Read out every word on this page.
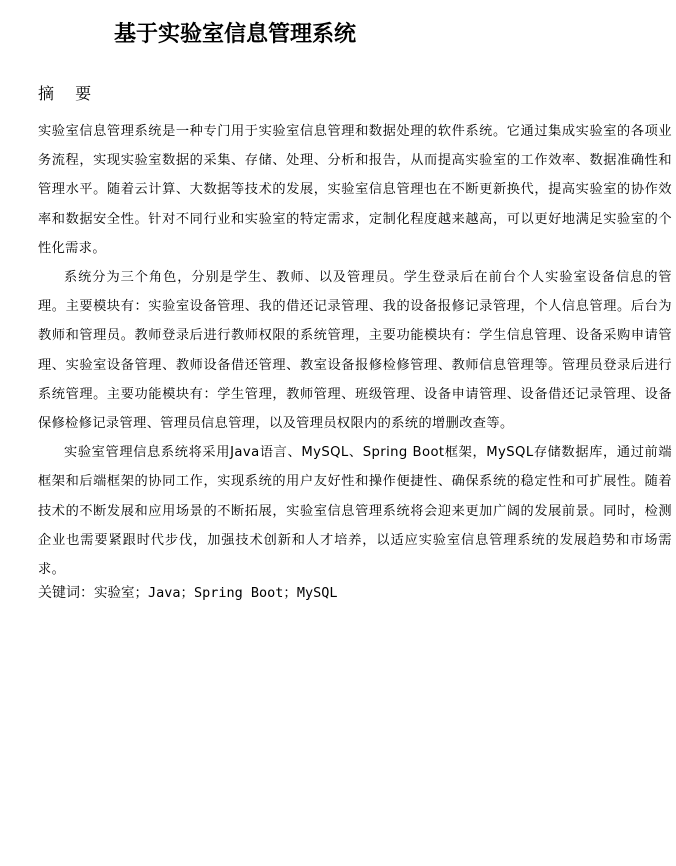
基于实验室信息管理系统
摘 要

实验室信息管理系统是一种专门用于实验室信息管理和数据处理的软件系统。它通过集成实验室的各项业务流程，实现实验室数据的采集、存储、处理、分析和报告，从而提高实验室的工作效率、数据准确性和管理水平。随着云计算、大数据等技术的发展，实验室信息管理也在不断更新换代，提高实验室的协作效率和数据安全性。针对不同行业和实验室的特定需求，定制化程度越来越高，可以更好地满足实验室的个性化需求。

系统分为三个角色，分别是学生、教师、以及管理员。学生登录后在前台个人实验室设备信息的管理。主要模块有：实验室设备管理、我的借还记录管理、我的设备报修记录管理，个人信息管理。后台为教师和管理员。教师登录后进行教师权限的系统管理，主要功能模块有：学生信息管理、设备采购申请管理、实验室设备管理、教师设备借还管理、教室设备报修检修管理、教师信息管理等。管理员登录后进行系统管理。主要功能模块有：学生管理，教师管理、班级管理、设备申请管理、设备借还记录管理、设备保修检修记录管理、管理员信息管理，以及管理员权限内的系统的增删改查等。

实验室管理信息系统将采用Java语言、MySQL、Spring Boot框架，MySQL存储数据库，通过前端框架和后端框架的协同工作，实现系统的用户友好性和操作便捷性、确保系统的稳定性和可扩展性。随着技术的不断发展和应用场景的不断拓展，实验室信息管理系统将会迎来更加广阔的发展前景。同时，检测企业也需要紧跟时代步伐，加强技术创新和人才培养，以适应实验室信息管理系统的发展趋势和市场需求。

关键词：实验室；Java；Spring Boot；MySQL
